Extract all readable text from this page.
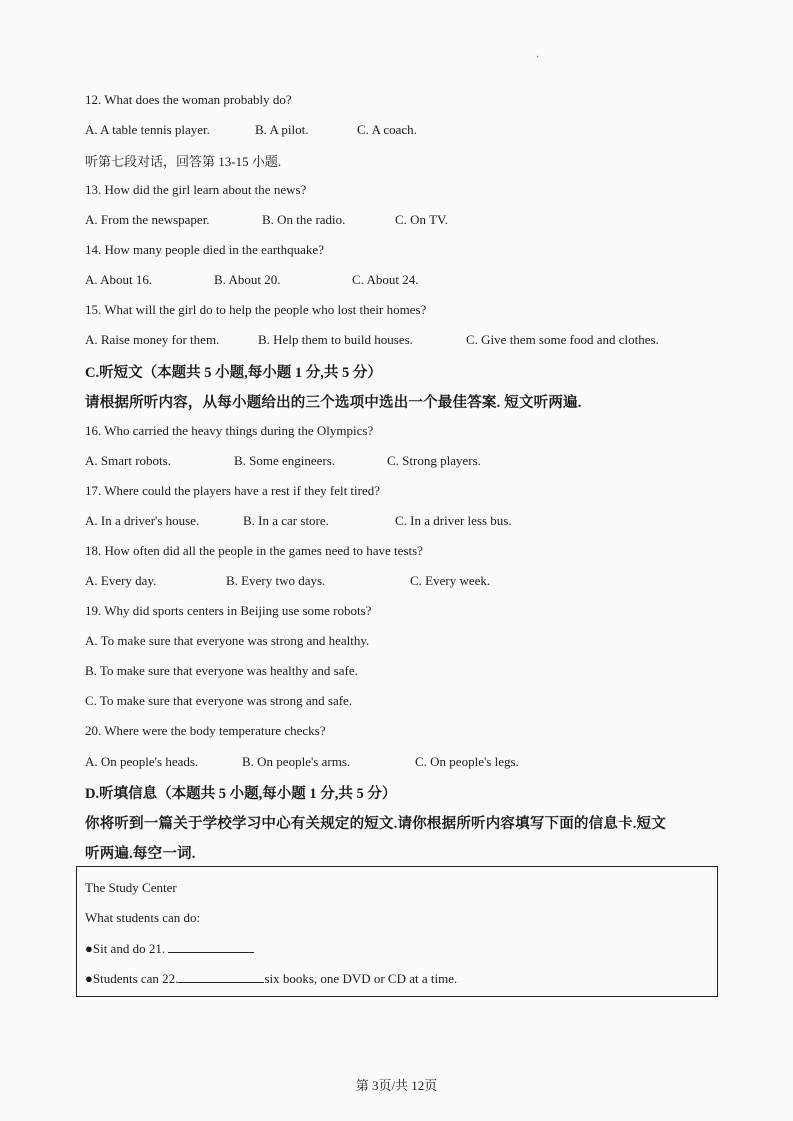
·
12. What does the woman probably do?
A. A table tennis player.	B. A pilot.	C. A coach.
听第七段对话，回答第 13-15 小题.
13. How did the girl learn about the news?
A. From the newspaper.	B. On the radio.	C. On TV.
14. How many people died in the earthquake?
A. About 16.	B. About 20.	C. About 24.
15. What will the girl do to help the people who lost their homes?
A. Raise money for them.	B. Help them to build houses.	C. Give them some food and clothes.
C.听短文（本题共 5 小题,每小题 1 分,共 5 分）
请根据所听内容，从每小题给出的三个选项中选出一个最佳答案. 短文听两遍.
16. Who carried the heavy things during the Olympics?
A. Smart robots.	B. Some engineers.	C. Strong players.
17. Where could the players have a rest if they felt tired?
A. In a driver's house.	B. In a car store.	C. In a driver less bus.
18. How often did all the people in the games need to have tests?
A. Every day.	B. Every two days.	C. Every week.
19. Why did sports centers in Beijing use some robots?
A. To make sure that everyone was strong and healthy.
B. To make sure that everyone was healthy and safe.
C. To make sure that everyone was strong and safe.
20. Where were the body temperature checks?
A. On people's heads.	B. On people's arms.	C. On people's legs.
D.听填信息（本题共 5 小题,每小题 1 分,共 5 分）
你将听到一篇关于学校学习中心有关规定的短文.请你根据所听内容填写下面的信息卡.短文
听两遍.每空一词.
The Study Center
What students can do:
●Sit and do 21.
●Students can 22.	six books, one DVD or CD at a time.
第 3页/共 12页
